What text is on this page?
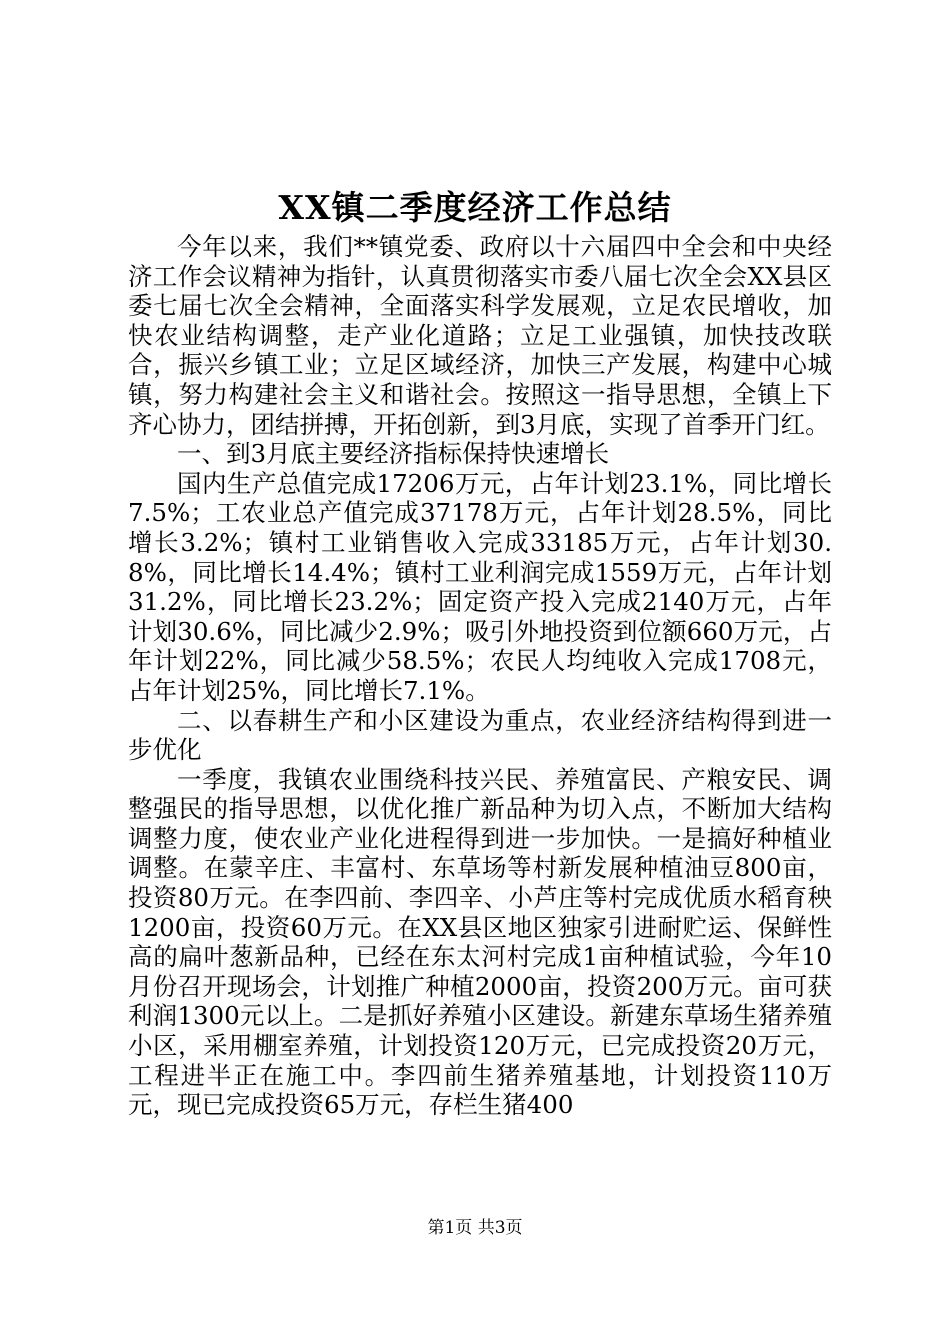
XX镇二季度经济工作总结

今年以来，我们**镇党委、政府以十六届四中全会和中央经济工作会议精神为指针，认真贯彻落实市委八届七次全会XX县区委七届七次全会精神，全面落实科学发展观，立足农民增收，加快农业结构调整，走产业化道路；立足工业强镇，加快技改联合，振兴乡镇工业；立足区域经济，加快三产发展，构建中心城镇，努力构建社会主义和谐社会。按照这一指导思想，全镇上下齐心协力，团结拼搏，开拓创新，到3月底，实现了首季开门红。

一、到3月底主要经济指标保持快速增长

国内生产总值完成17206万元，占年计划23.1%，同比增长7.5%；工农业总产值完成37178万元，占年计划28.5%，同比增长3.2%；镇村工业销售收入完成33185万元，占年计划30.8%，同比增长14.4%；镇村工业利润完成1559万元，占年计划31.2%，同比增长23.2%；固定资产投入完成2140万元，占年计划30.6%，同比减少2.9%；吸引外地投资到位额660万元，占年计划22%，同比减少58.5%；农民人均纯收入完成1708元，占年计划25%，同比增长7.1%。

二、以春耕生产和小区建设为重点，农业经济结构得到进一步优化

一季度，我镇农业围绕科技兴民、养殖富民、产粮安民、调整强民的指导思想，以优化推广新品种为切入点，不断加大结构调整力度，使农业产业化进程得到进一步加快。一是搞好种植业调整。在蒙辛庄、丰富村、东草场等村新发展种植油豆800亩，投资80万元。在李四前、李四辛、小芦庄等村完成优质水稻育秧1200亩，投资60万元。在XX县区地区独家引进耐贮运、保鲜性高的扁叶葱新品种，已经在东太河村完成1亩种植试验，今年10月份召开现场会，计划推广种植2000亩，投资200万元。亩可获利润1300元以上。二是抓好养殖小区建设。新建东草场生猪养殖小区，采用棚室养殖，计划投资120万元，已完成投资20万元，工程进半正在施工中。李四前生猪养殖基地，计划投资110万元，现已完成投资65万元，存栏生猪400

第1页 共3页
